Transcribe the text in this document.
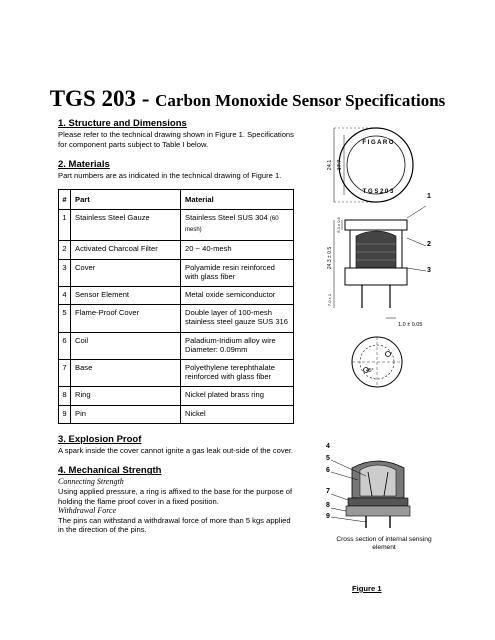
TGS 203 - Carbon Monoxide Sensor Specifications
1. Structure and Dimensions

Please refer to the technical drawing shown in Figure 1. Specifications for component parts subject to Table I below.

2. Materials

Part numbers are as indicated in the technical drawing of Figure 1.

#	Part	Material
1	Stainless Steel Gauze	Stainless Steel SUS 304 (60 mesh)
2	Activated Charcoal Filter	20 ~ 40-mesh
3	Cover	Polyamide resin reinforced with glass fiber
4	Sensor Element	Metal oxide semiconductor
5	Flame-Proof Cover	Double layer of 100-mesh stainless steel gauze SUS 316
6	Coil	Paladium-Iridium alloy wire Diameter: 0.09mm
7	Base	Polyethylene terephthalate reinforced with glass fiber
8	Ring	Nickel plated brass ring
9	Pin	Nickel
3. Explosion Proof

A spark inside the cover cannot ignite a gas leak out-side of the cover.

4. Mechanical Strength
Connecting Strength

Using applied pressure, a ring is affixed to the base for the purpose of holding the flame proof cover in a fixed position.

Withdrawal Force

The pins can withstand a withdrawal force of more than 5 kgs applied in the direction of the pins.

24.1 17.7
F I G A R O
T G S 2 0 3
6.3 ± 0.5
24.3 ± 0.5
7.0 ± 1
1.0 ± 0.05
45°
1
2
3
4
5
6
7
8
9
Cross section of internal sensing element
Figure 1
